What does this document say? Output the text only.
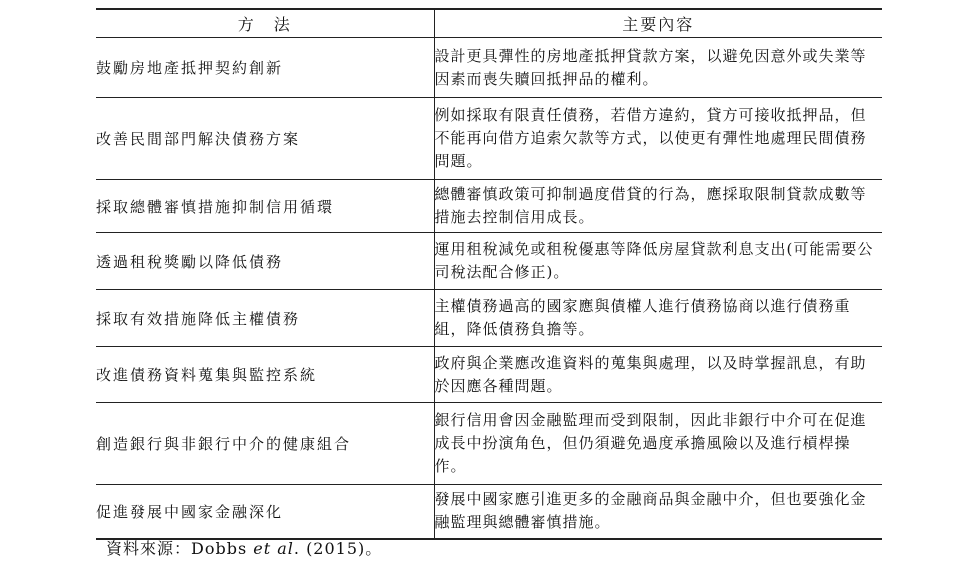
方　法	主要內容
鼓勵房地產抵押契約創新	設計更具彈性的房地產抵押貸款方案，以避免因意外或失業等因素而喪失贖回抵押品的權利。
改善民間部門解決債務方案	例如採取有限責任債務，若借方違約，貸方可接收抵押品，但不能再向借方追索欠款等方式，以使更有彈性地處理民間債務問題。
採取總體審慎措施抑制信用循環	總體審慎政策可抑制過度借貸的行為，應採取限制貸款成數等措施去控制信用成長。
透過租稅獎勵以降低債務	運用租稅減免或租稅優惠等降低房屋貸款利息支出(可能需要公司稅法配合修正)。
採取有效措施降低主權債務	主權債務過高的國家應與債權人進行債務協商以進行債務重組，降低債務負擔等。
改進債務資料蒐集與監控系統	政府與企業應改進資料的蒐集與處理，以及時掌握訊息，有助於因應各種問題。
創造銀行與非銀行中介的健康組合	銀行信用會因金融監理而受到限制，因此非銀行中介可在促進成長中扮演角色，但仍須避免過度承擔風險以及進行槓桿操作。
促進發展中國家金融深化	發展中國家應引進更多的金融商品與金融中介，但也要強化金融監理與總體審慎措施。
資料來源：Dobbs et al. (2015)。
